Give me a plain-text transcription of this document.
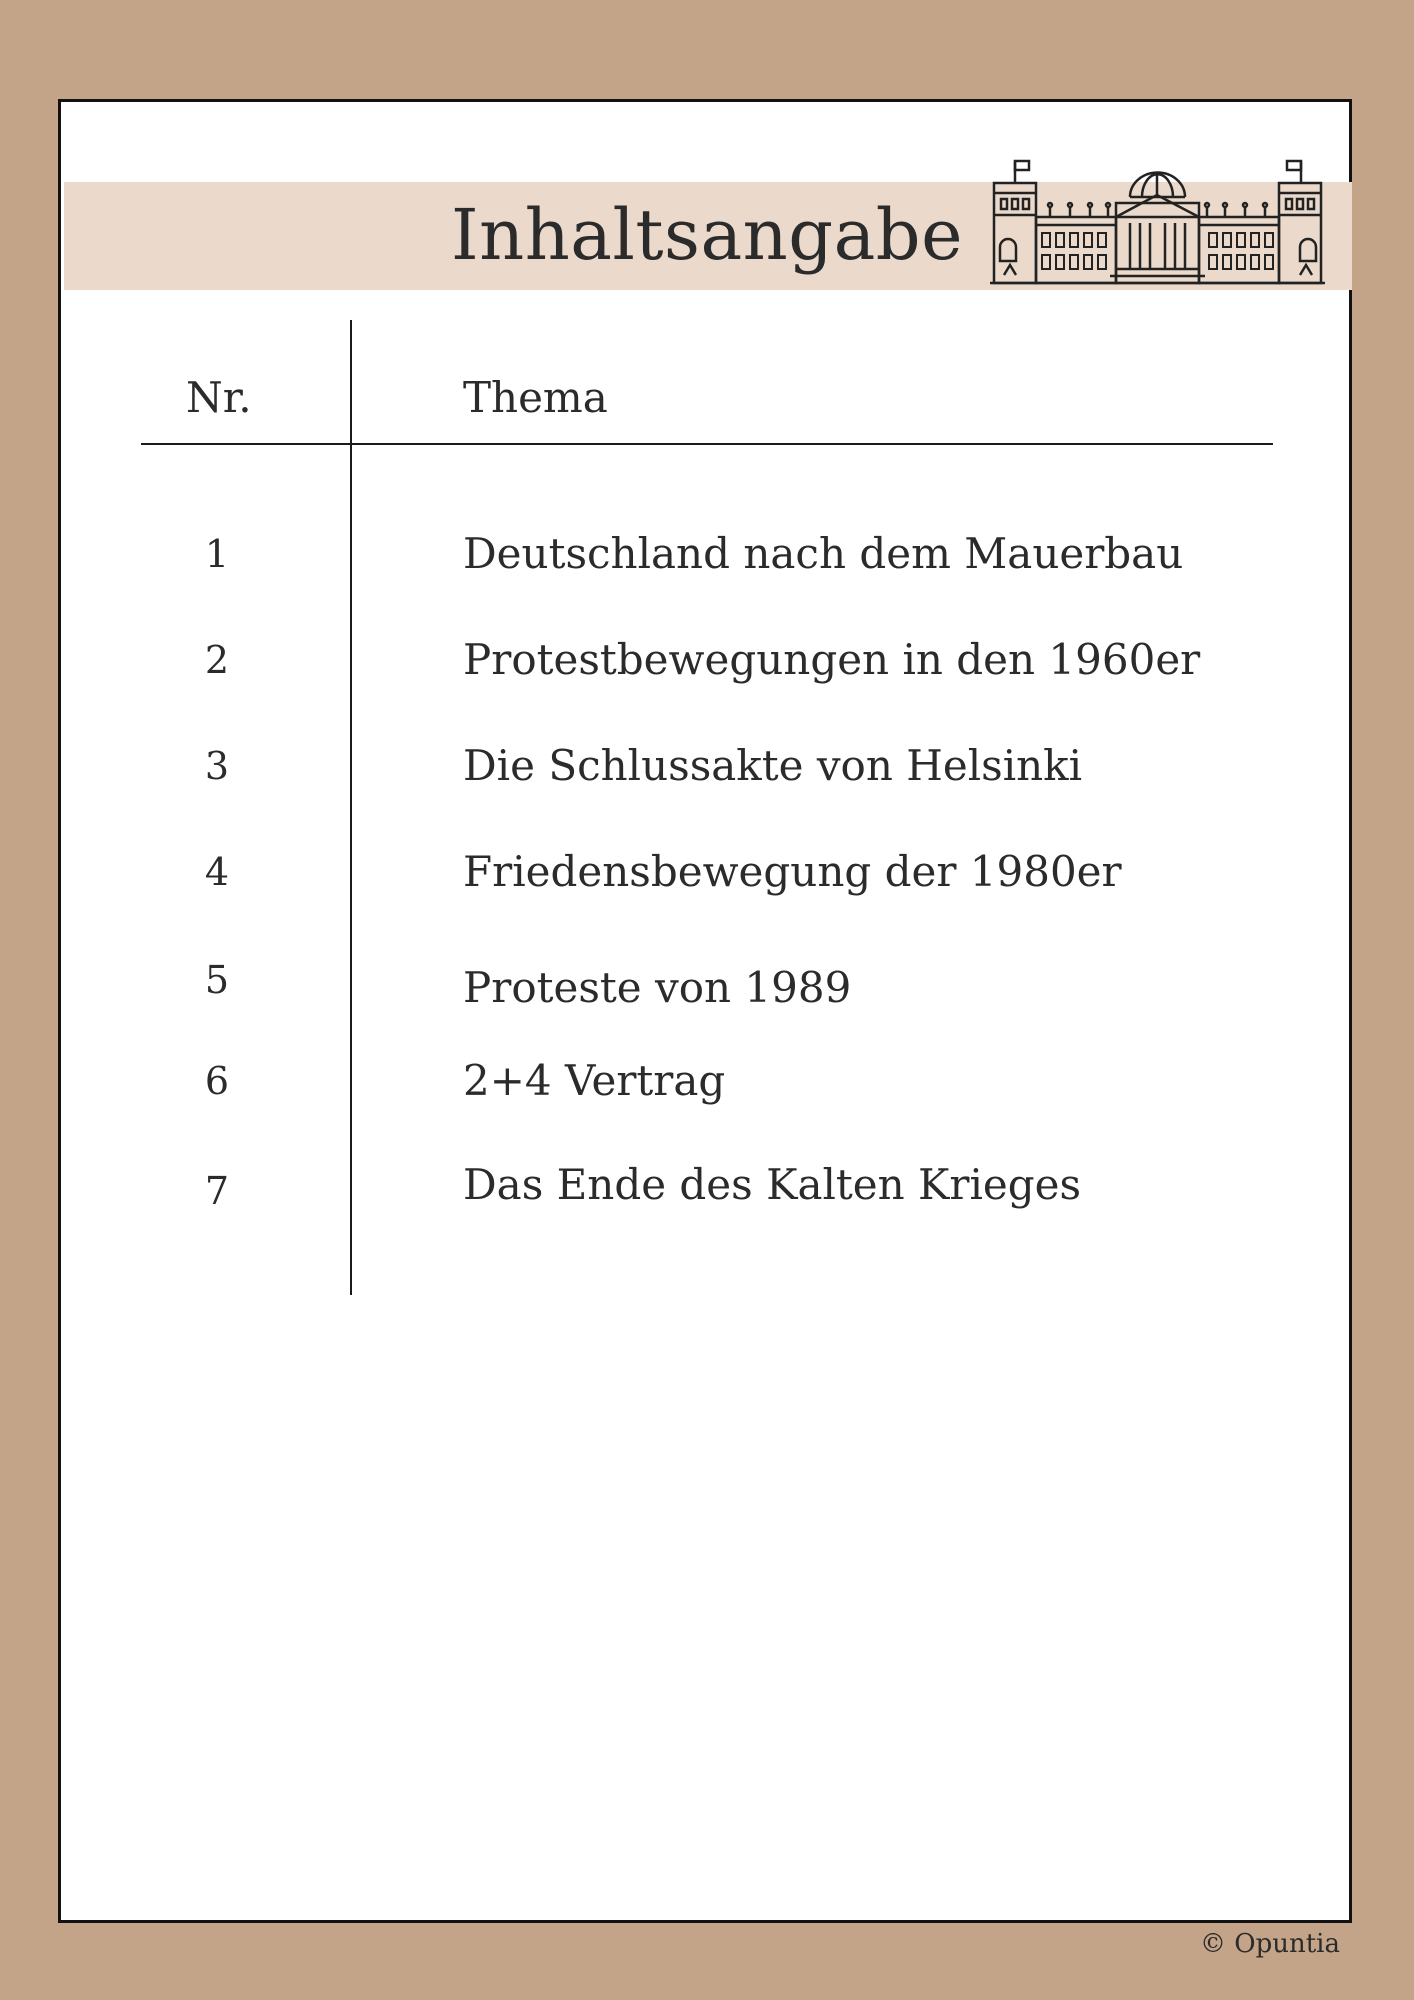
Inhaltsangabe
Nr.	Thema
1	Deutschland nach dem Mauerbau
2	Protestbewegungen in den 1960er
3	Die Schlussakte von Helsinki
4	Friedensbewegung der 1980er
5	Proteste von 1989
6	2+4 Vertrag
7	Das Ende des Kalten Krieges
© Opuntia
